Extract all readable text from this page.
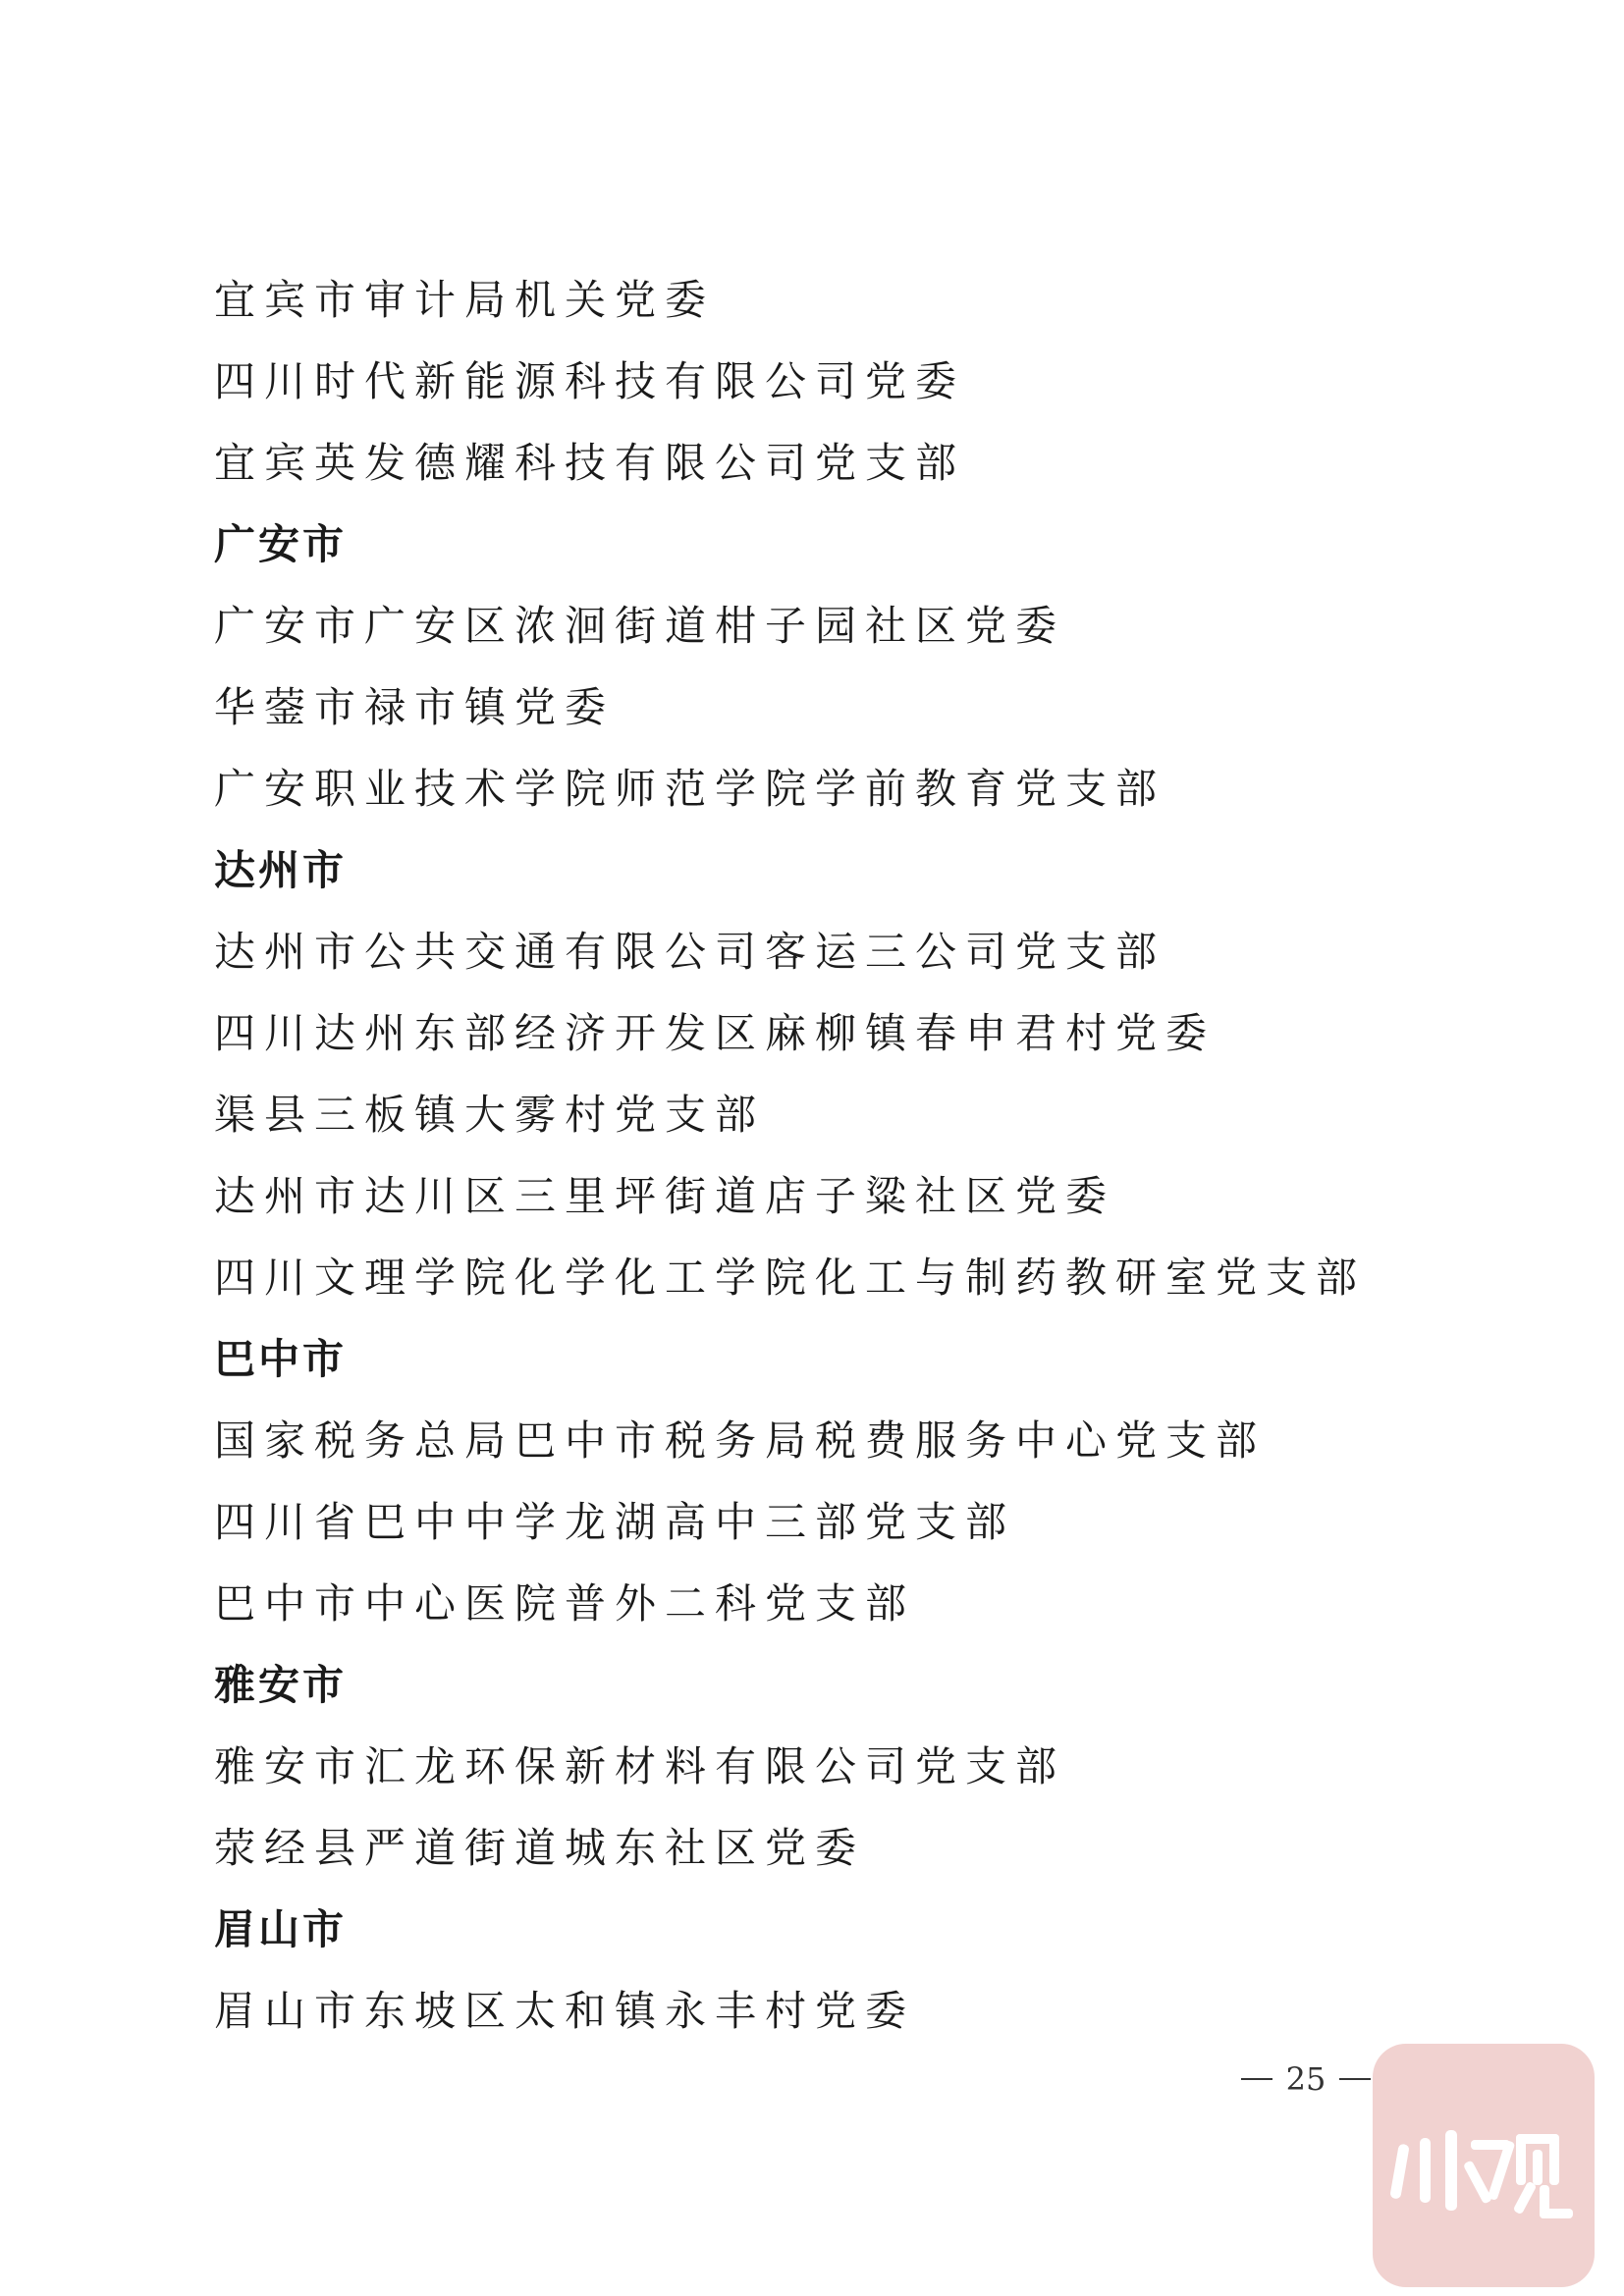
宜宾市审计局机关党委
四川时代新能源科技有限公司党委
宜宾英发德耀科技有限公司党支部
广安市
广安市广安区浓洄街道柑子园社区党委
华蓥市禄市镇党委
广安职业技术学院师范学院学前教育党支部
达州市
达州市公共交通有限公司客运三公司党支部
四川达州东部经济开发区麻柳镇春申君村党委
渠县三板镇大雾村党支部
达州市达川区三里坪街道店子粱社区党委
四川文理学院化学化工学院化工与制药教研室党支部
巴中市
国家税务总局巴中市税务局税费服务中心党支部
四川省巴中中学龙湖高中三部党支部
巴中市中心医院普外二科党支部
雅安市
雅安市汇龙环保新材料有限公司党支部
荥经县严道街道城东社区党委
眉山市
眉山市东坡区太和镇永丰村党委
25
